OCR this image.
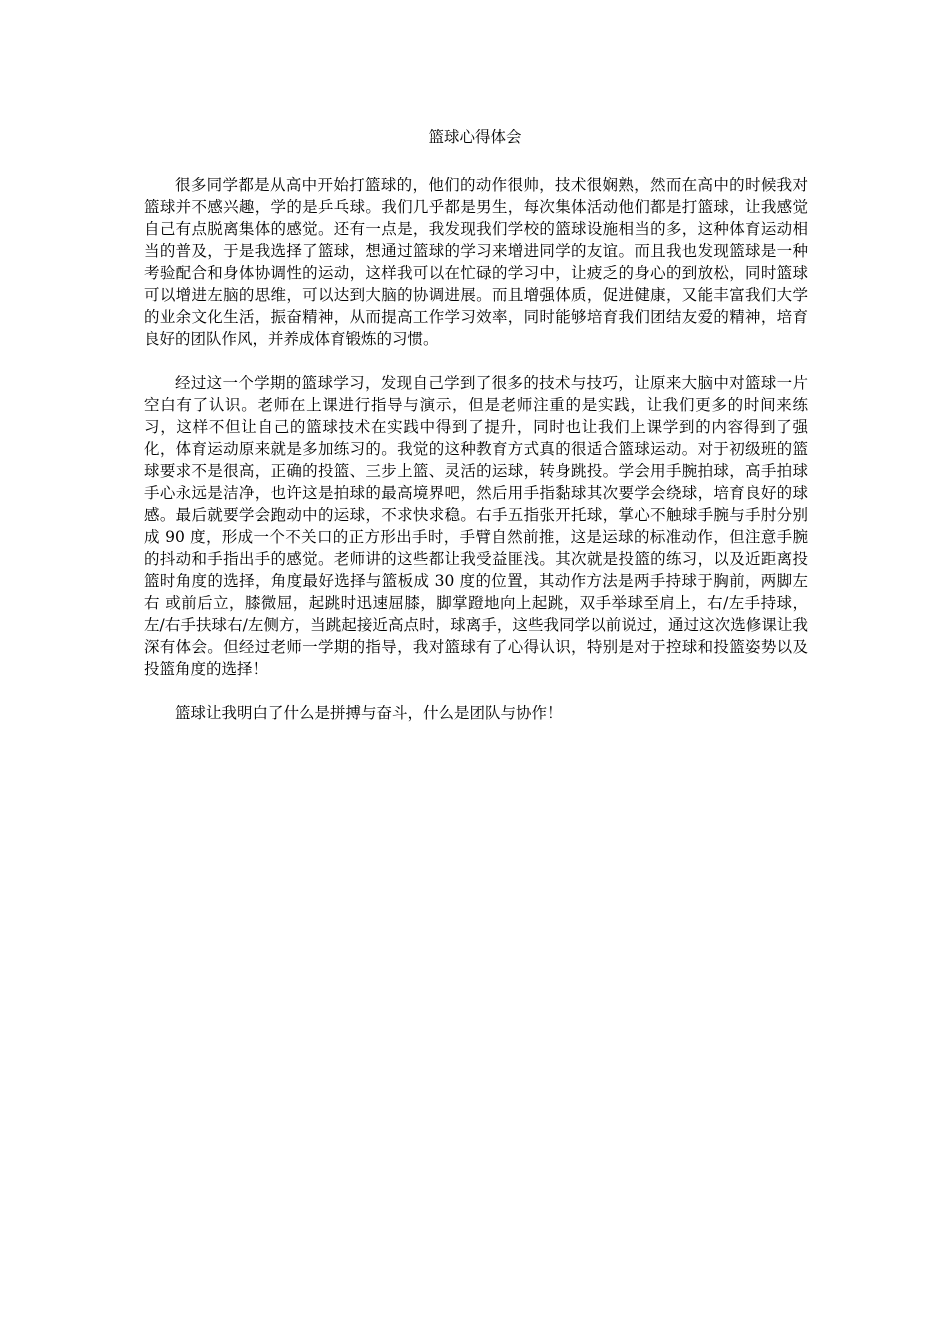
篮球心得体会

很多同学都是从高中开始打篮球的，他们的动作很帅，技术很娴熟，然而在高中的时候我对篮球并不感兴趣，学的是乒乓球。我们几乎都是男生，每次集体活动他们都是打篮球，让我感觉自己有点脱离集体的感觉。还有一点是，我发现我们学校的篮球设施相当的多，这种体育运动相当的普及，于是我选择了篮球，想通过篮球的学习来增进同学的友谊。而且我也发现篮球是一种考验配合和身体协调性的运动，这样我可以在忙碌的学习中，让疲乏的身心的到放松，同时篮球可以增进左脑的思维，可以达到大脑的协调进展。而且增强体质，促进健康，又能丰富我们大学的业余文化生活，振奋精神，从而提高工作学习效率，同时能够培育我们团结友爱的精神，培育良好的团队作风，并养成体育锻炼的习惯。

经过这一个学期的篮球学习，发现自己学到了很多的技术与技巧，让原来大脑中对篮球一片空白有了认识。老师在上课进行指导与演示，但是老师注重的是实践，让我们更多的时间来练习，这样不但让自己的篮球技术在实践中得到了提升，同时也让我们上课学到的内容得到了强化，体育运动原来就是多加练习的。我觉的这种教育方式真的很适合篮球运动。对于初级班的篮球要求不是很高，正确的投篮、三步上篮、灵活的运球，转身跳投。学会用手腕拍球，高手拍球手心永远是洁净，也许这是拍球的最高境界吧，然后用手指黏球其次要学会绕球，培育良好的球感。最后就要学会跑动中的运球，不求快求稳。右手五指张开托球，掌心不触球手腕与手肘分别成 90 度，形成一个不关口的正方形出手时，手臂自然前推，这是运球的标准动作，但注意手腕的抖动和手指出手的感觉。老师讲的这些都让我受益匪浅。其次就是投篮的练习，以及近距离投篮时角度的选择，角度最好选择与篮板成 30 度的位置，其动作方法是两手持球于胸前，两脚左右 或前后立，膝微屈，起跳时迅速屈膝，脚掌蹬地向上起跳，双手举球至肩上，右/左手持球，左/右手扶球右/左侧方，当跳起接近高点时，球离手，这些我同学以前说过，通过这次选修课让我深有体会。但经过老师一学期的指导，我对篮球有了心得认识，特别是对于控球和投篮姿势以及投篮角度的选择！

篮球让我明白了什么是拼搏与奋斗，什么是团队与协作！
